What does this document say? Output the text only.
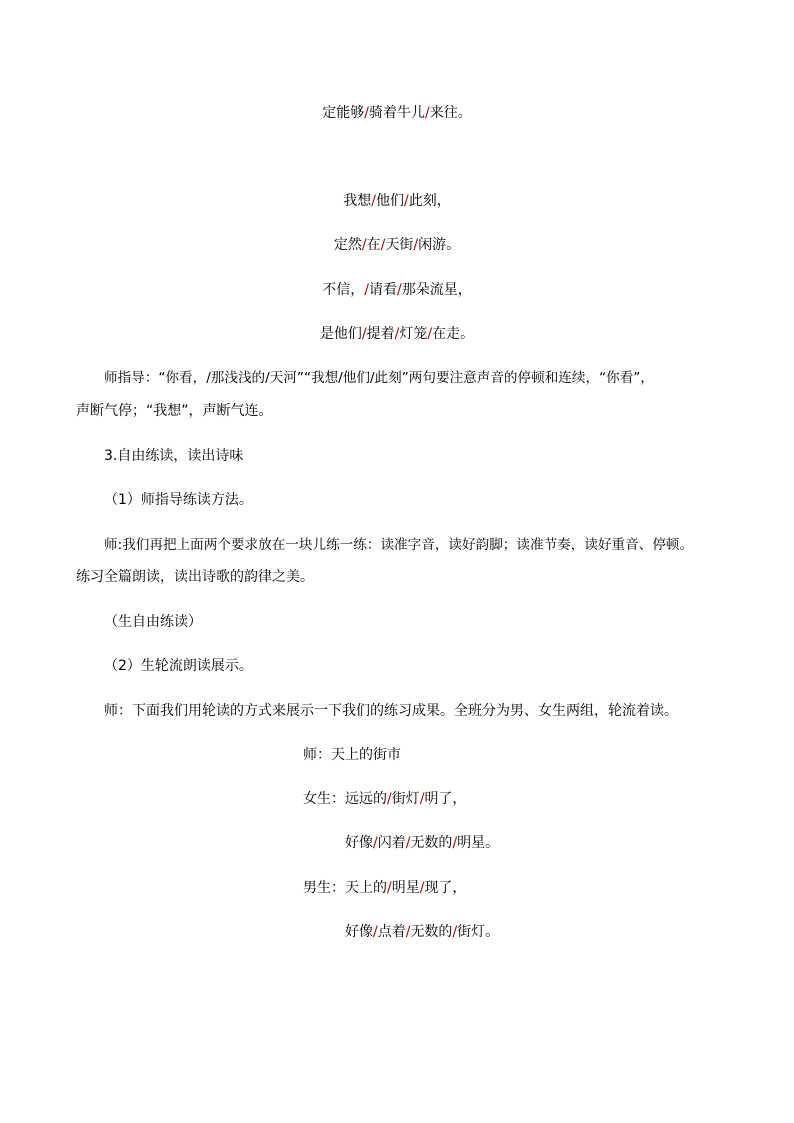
定能够/骑着牛儿/来往。
我想/他们/此刻，
定然/在/天街/闲游。
不信，/请看/那朵流星，
是他们/提着/灯笼/在走。
师指导：“你看，/那浅浅的/天河”“我想/他们/此刻”两句要注意声音的停顿和连续，“你看”，
声断气停；“我想”，声断气连。
3.自由练读，读出诗味
（1）师指导练读方法。
师:我们再把上面两个要求放在一块儿练一练：读准字音，读好韵脚；读准节奏，读好重音、停顿。
练习全篇朗读，读出诗歌的韵律之美。
（生自由练读）
（2）生轮流朗读展示。
师：下面我们用轮读的方式来展示一下我们的练习成果。全班分为男、女生两组，轮流着读。
师：天上的街市
女生：远远的/街灯/明了，
好像/闪着/无数的/明星。
男生：天上的/明星/现了，
好像/点着/无数的/街灯。
